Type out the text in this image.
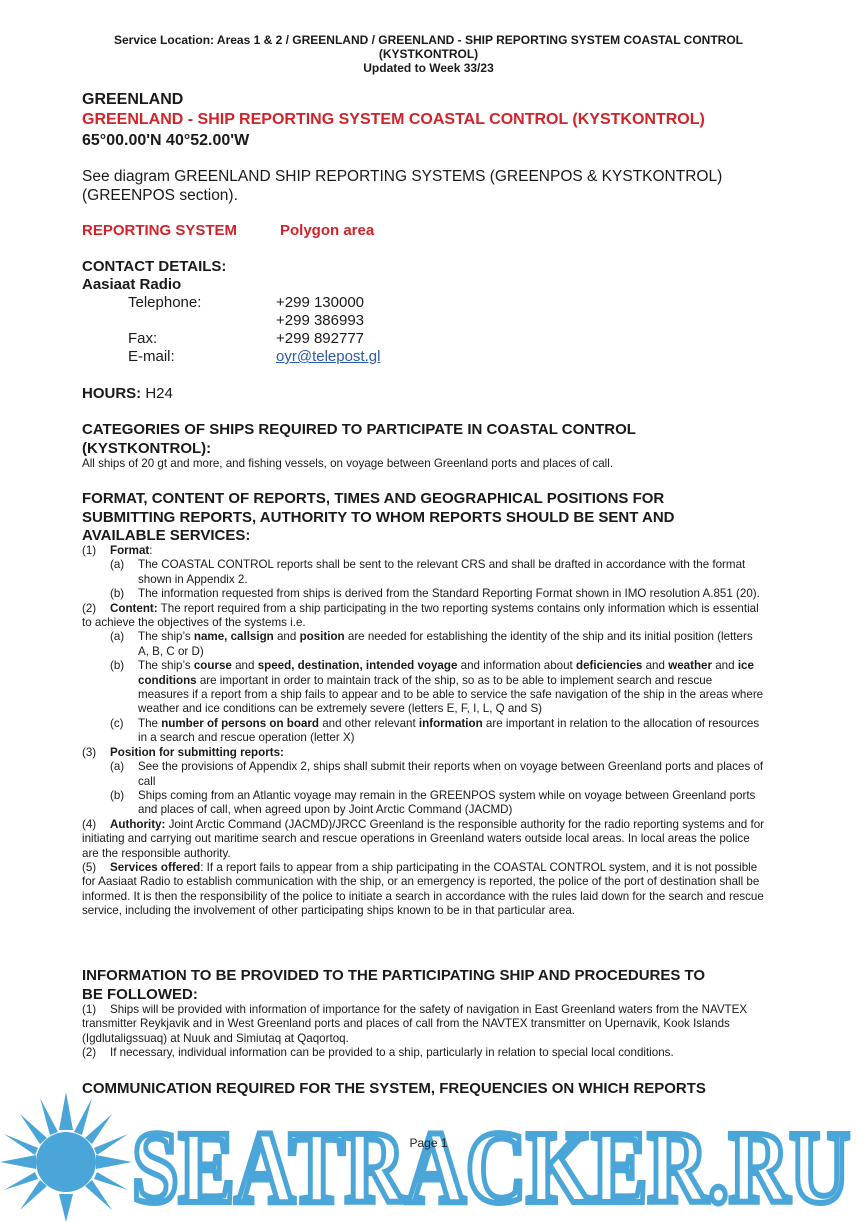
Service Location: Areas 1 & 2 / GREENLAND / GREENLAND - SHIP REPORTING SYSTEM COASTAL CONTROL
(KYSTKONTROL)
Updated to Week 33/23
GREENLAND
GREENLAND - SHIP REPORTING SYSTEM COASTAL CONTROL (KYSTKONTROL)
65°00.00'N 40°52.00'W
See diagram GREENLAND SHIP REPORTING SYSTEMS (GREENPOS & KYSTKONTROL)
(GREENPOS section).
REPORTING SYSTEM	Polygon area
CONTACT DETAILS:
Aasiaat Radio
Telephone:	+299 130000
+299 386993
Fax:	+299 892777
E-mail:	oyr@telepost.gl
HOURS: H24
CATEGORIES OF SHIPS REQUIRED TO PARTICIPATE IN COASTAL CONTROL
(KYSTKONTROL):
All ships of 20 gt and more, and fishing vessels, on voyage between Greenland ports and places of call.
FORMAT, CONTENT OF REPORTS, TIMES AND GEOGRAPHICAL POSITIONS FOR
SUBMITTING REPORTS, AUTHORITY TO WHOM REPORTS SHOULD BE SENT AND
AVAILABLE SERVICES:
(1) Format:
(a) The COASTAL CONTROL reports shall be sent to the relevant CRS and shall be drafted in accordance with the format shown in Appendix 2.
(b) The information requested from ships is derived from the Standard Reporting Format shown in IMO resolution A.851 (20).
(2) Content: The report required from a ship participating in the two reporting systems contains only information which is essential to achieve the objectives of the systems i.e.
(a) The ship’s name, callsign and position are needed for establishing the identity of the ship and its initial position (letters A, B, C or D)
(b) The ship’s course and speed, destination, intended voyage and information about deficiencies and weather and ice conditions are important in order to maintain track of the ship, so as to be able to implement search and rescue measures if a report from a ship fails to appear and to be able to service the safe navigation of the ship in the areas where weather and ice conditions can be extremely severe (letters E, F, I, L, Q and S)
(c) The number of persons on board and other relevant information are important in relation to the allocation of resources in a search and rescue operation (letter X)
(3) Position for submitting reports:
(a) See the provisions of Appendix 2, ships shall submit their reports when on voyage between Greenland ports and places of call
(b) Ships coming from an Atlantic voyage may remain in the GREENPOS system while on voyage between Greenland ports and places of call, when agreed upon by Joint Arctic Command (JACMD)
(4) Authority: Joint Arctic Command (JACMD)/JRCC Greenland is the responsible authority for the radio reporting systems and for initiating and carrying out maritime search and rescue operations in Greenland waters outside local areas. In local areas the police are the responsible authority.
(5) Services offered: If a report fails to appear from a ship participating in the COASTAL CONTROL system, and it is not possible for Aasiaat Radio to establish communication with the ship, or an emergency is reported, the police of the port of destination shall be informed. It is then the responsibility of the police to initiate a search in accordance with the rules laid down for the search and rescue service, including the involvement of other participating ships known to be in that particular area.
INFORMATION TO BE PROVIDED TO THE PARTICIPATING SHIP AND PROCEDURES TO
BE FOLLOWED:
(1) Ships will be provided with information of importance for the safety of navigation in East Greenland waters from the NAVTEX transmitter Reykjavik and in West Greenland ports and places of call from the NAVTEX transmitter on Upernavik, Kook Islands (Igdlutaligssuaq) at Nuuk and Simiutaq at Qaqortoq.
(2) If necessary, individual information can be provided to a ship, particularly in relation to special local conditions.
COMMUNICATION REQUIRED FOR THE SYSTEM, FREQUENCIES ON WHICH REPORTS
SEATRACKER.RU
Page 1
